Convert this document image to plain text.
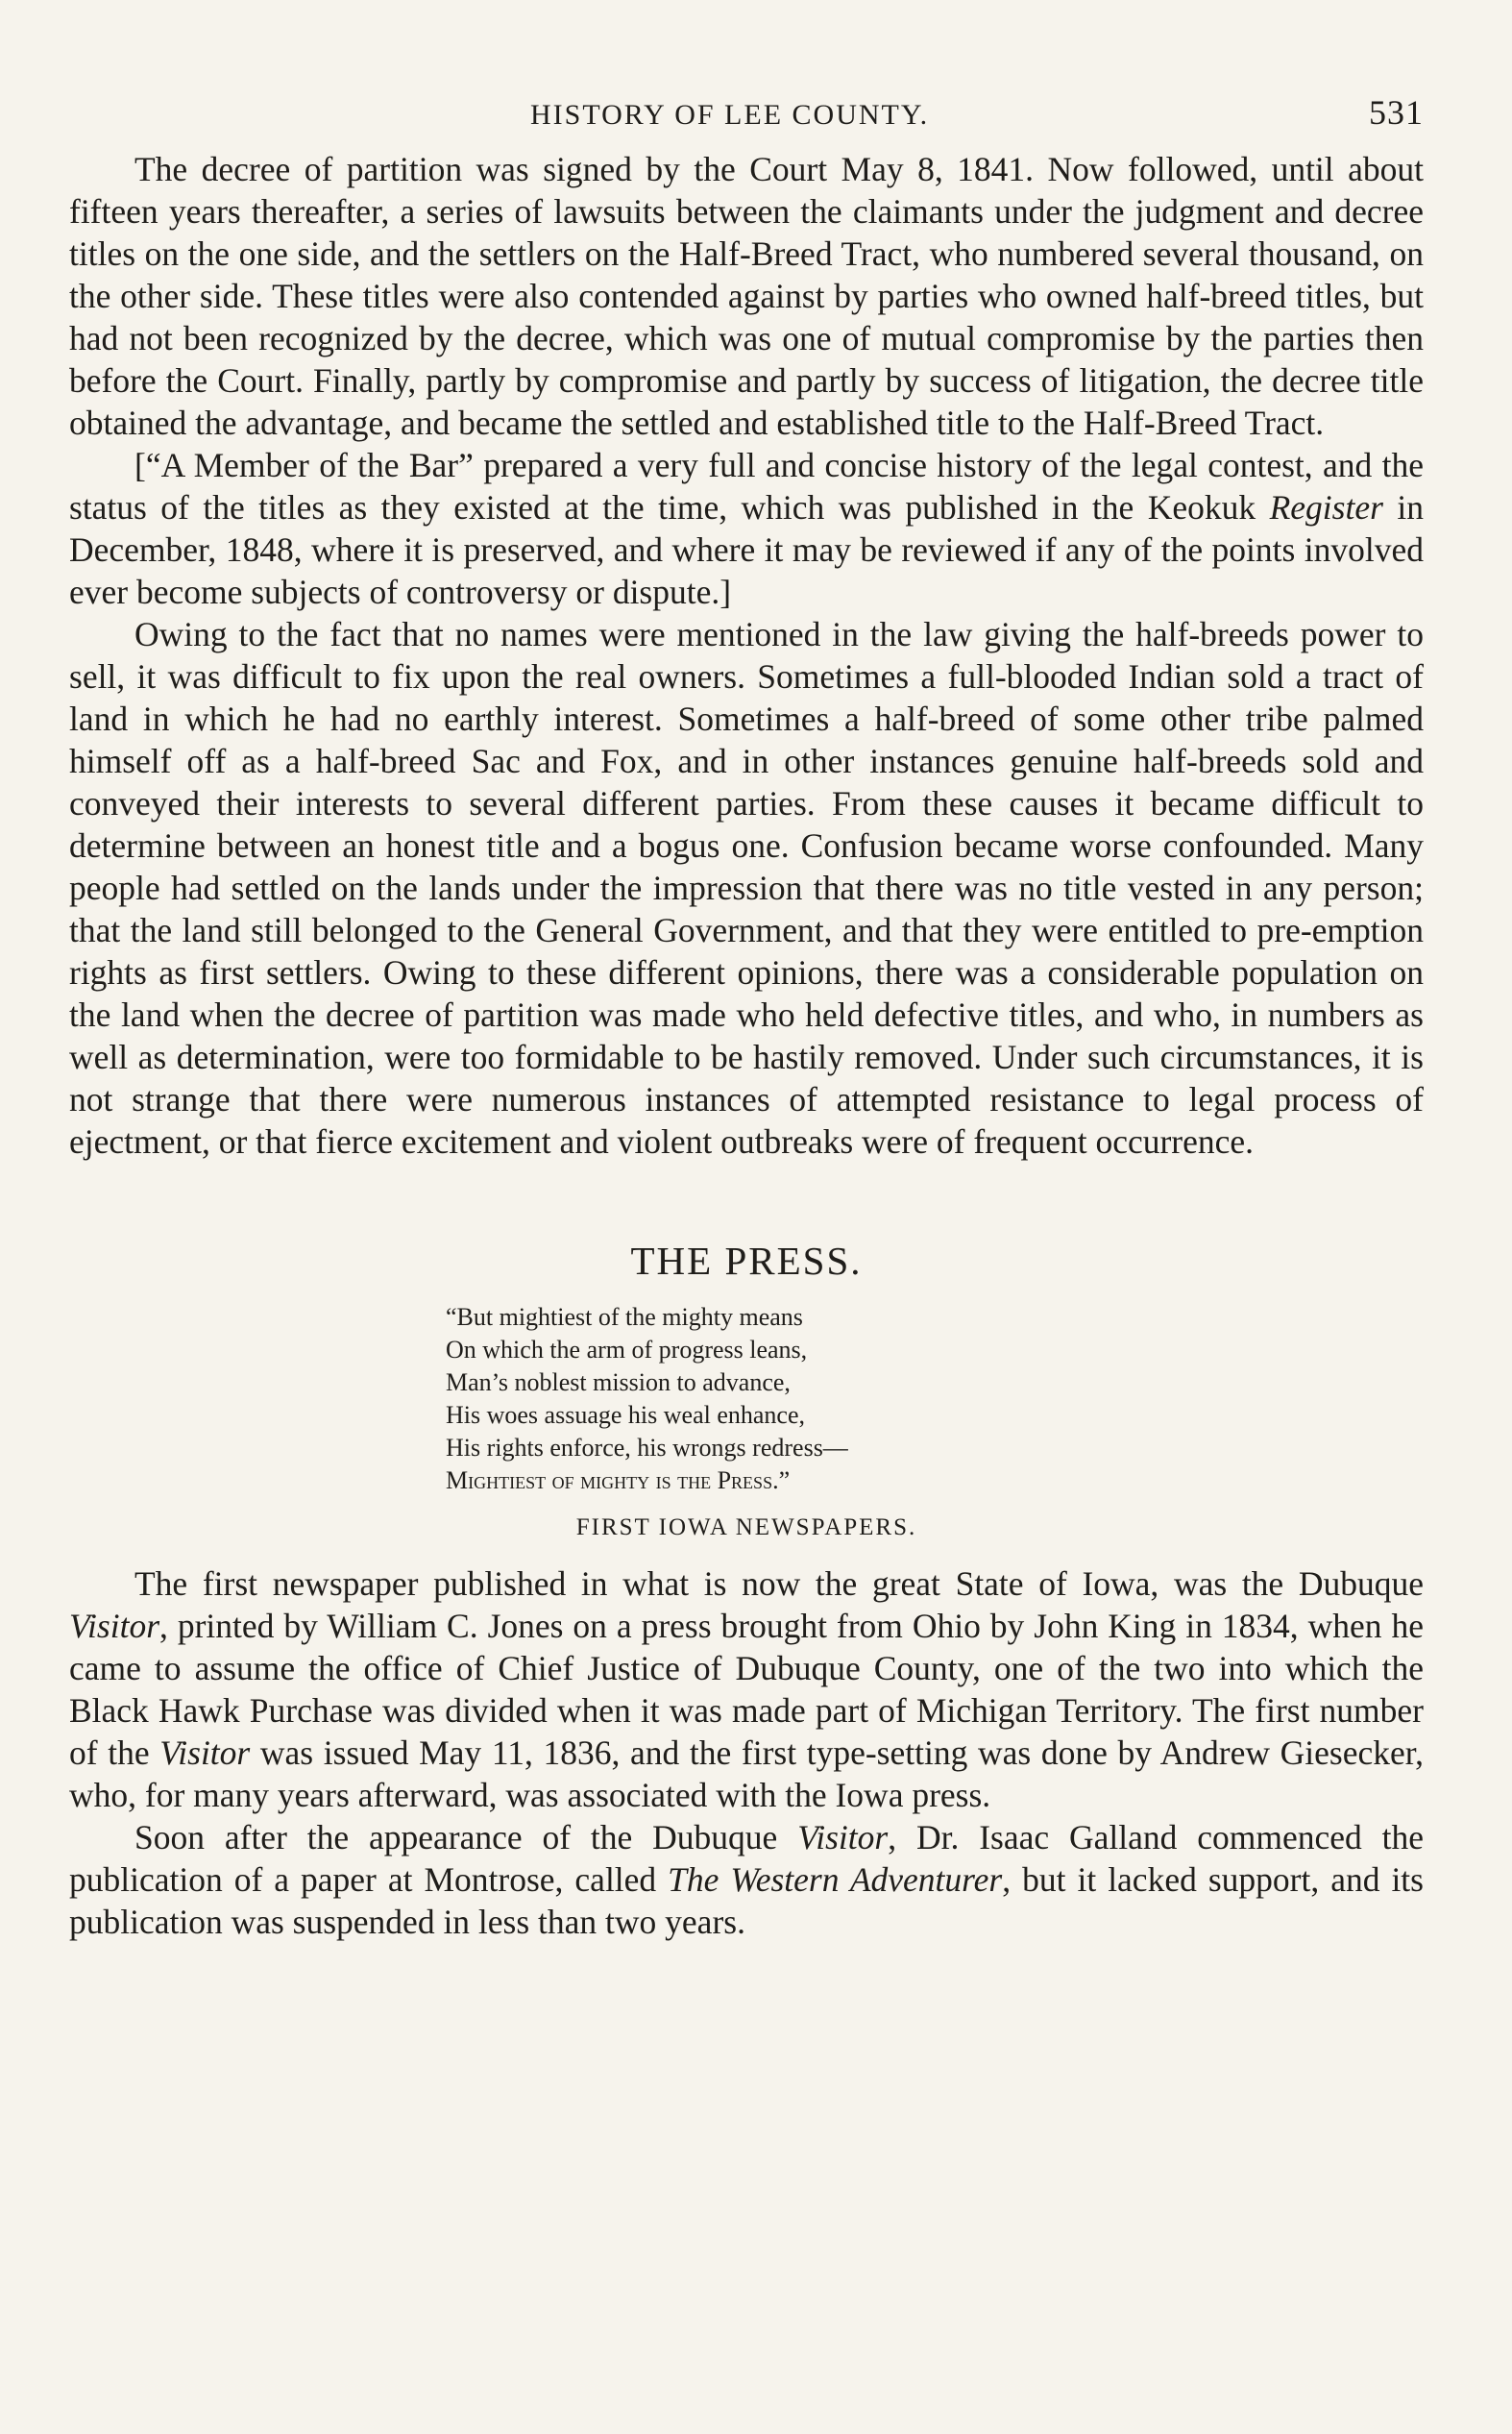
HISTORY OF LEE COUNTY.	531

The decree of partition was signed by the Court May 8, 1841. Now followed, until about fifteen years thereafter, a series of lawsuits between the claimants under the judgment and decree titles on the one side, and the settlers on the Half-Breed Tract, who numbered several thousand, on the other side. These titles were also contended against by parties who owned half-breed titles, but had not been recognized by the decree, which was one of mutual compromise by the parties then before the Court. Finally, partly by compromise and partly by success of litigation, the decree title obtained the advantage, and became the settled and established title to the Half-Breed Tract.

[“A Member of the Bar” prepared a very full and concise history of the legal contest, and the status of the titles as they existed at the time, which was published in the Keokuk Register in December, 1848, where it is preserved, and where it may be reviewed if any of the points involved ever become subjects of controversy or dispute.]

Owing to the fact that no names were mentioned in the law giving the half-breeds power to sell, it was difficult to fix upon the real owners. Sometimes a full-blooded Indian sold a tract of land in which he had no earthly interest. Sometimes a half-breed of some other tribe palmed himself off as a half-breed Sac and Fox, and in other instances genuine half-breeds sold and conveyed their interests to several different parties. From these causes it became difficult to determine between an honest title and a bogus one. Confusion became worse confounded. Many people had settled on the lands under the impression that there was no title vested in any person; that the land still belonged to the General Government, and that they were entitled to pre-emption rights as first settlers. Owing to these different opinions, there was a considerable population on the land when the decree of partition was made who held defective titles, and who, in numbers as well as determination, were too formidable to be hastily removed. Under such circumstances, it is not strange that there were numerous instances of attempted resistance to legal process of ejectment, or that fierce excitement and violent outbreaks were of frequent occurrence.

THE PRESS.
“But mightiest of the mighty means
On which the arm of progress leans,
Man’s noblest mission to advance,
His woes assuage his weal enhance,
His rights enforce, his wrongs redress—
Mightiest of mighty is the Press.”
FIRST IOWA NEWSPAPERS.

The first newspaper published in what is now the great State of Iowa, was the Dubuque Visitor, printed by William C. Jones on a press brought from Ohio by John King in 1834, when he came to assume the office of Chief Justice of Dubuque County, one of the two into which the Black Hawk Purchase was divided when it was made part of Michigan Territory. The first number of the Visitor was issued May 11, 1836, and the first type-setting was done by Andrew Giesecker, who, for many years afterward, was associated with the Iowa press.

Soon after the appearance of the Dubuque Visitor, Dr. Isaac Galland commenced the publication of a paper at Montrose, called The Western Adventurer, but it lacked support, and its publication was suspended in less than two years.
